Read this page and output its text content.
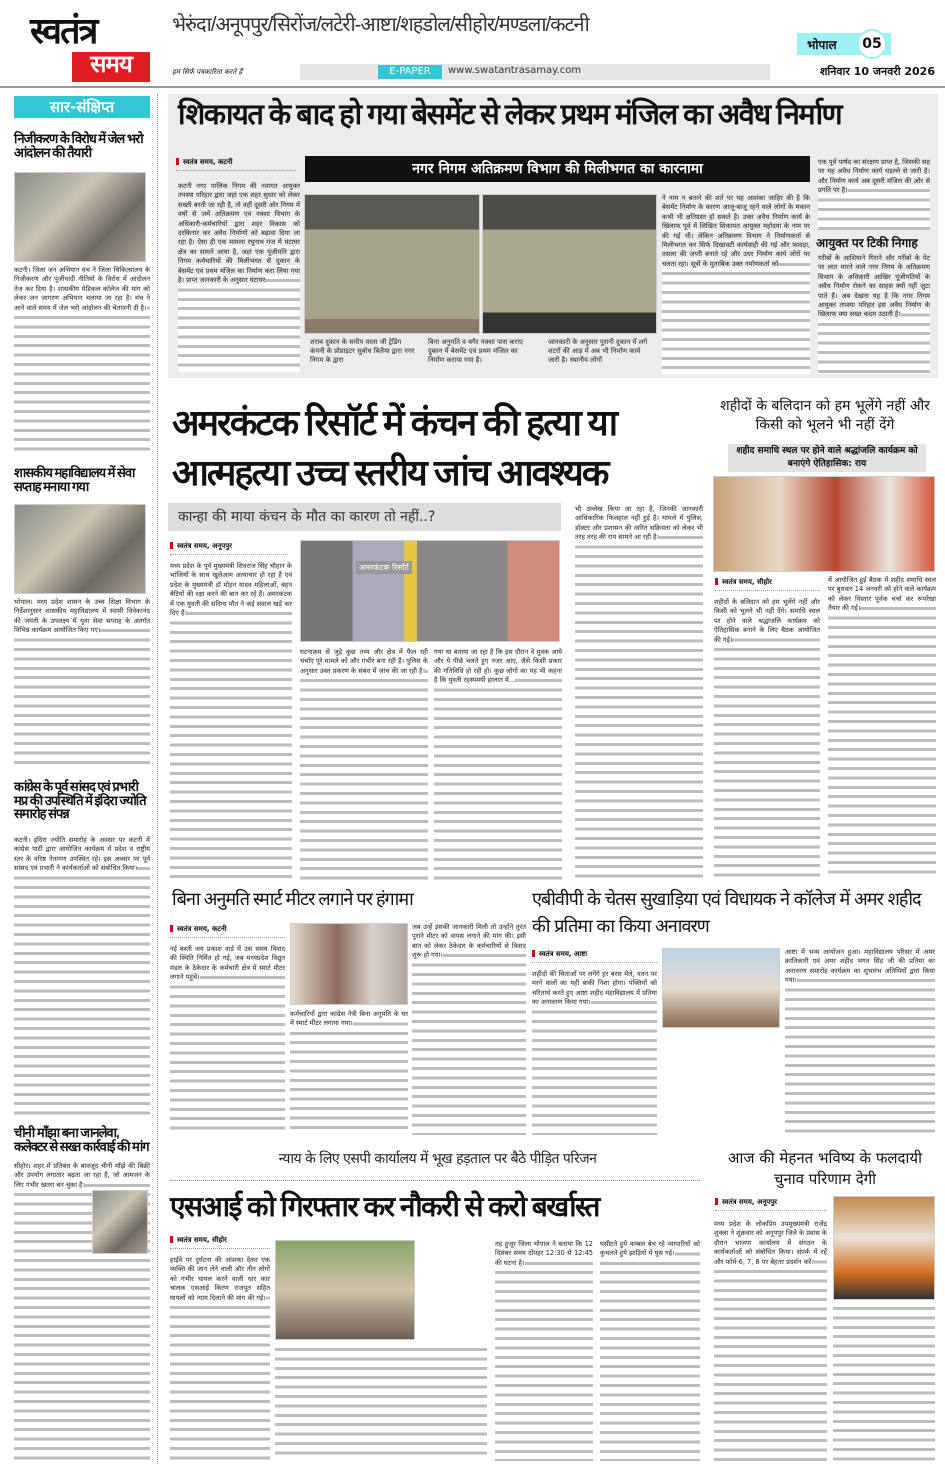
स्वतंत्र
समय
भेरुंदा/अनूपपुर/सिरोंज/लटेरी-आष्टा/शहडोल/सीहोर/मण्डला/कटनी
भोपाल	05
हम सिर्फ पत्रकारिता करते हैं	E-PAPER	www.swatantrasamay.com	शनिवार 10 जनवरी 2026
सार-संक्षिप्त
निजीकरण के विरोध में जेल भरो आंदोलन की तैयारी
कटनी। जिला जन अभियान मंच ने जिला चिकित्सालय के निजीकरण और पूंजीवादी नीतियों के विरोध में आंदोलन तेज कर दिया है। शासकीय मेडिकल कॉलेज की मांग को लेकर जन जागरण अभियान चलाया जा रहा है। मंच ने आने वाले समय में जेल भरो आंदोलन की चेतावनी दी है।
शासकीय महाविद्यालय में सेवा सप्ताह मनाया गया
भोपाल। मध्य प्रदेश शासन के उच्च शिक्षा विभाग के निर्देशानुसार शासकीय महाविद्यालय में स्वामी विवेकानंद की जयंती के उपलक्ष्य में युवा सेवा सप्ताह के अंतर्गत विभिन्न कार्यक्रम आयोजित किए गए।
कांग्रेस के पूर्व सांसद एवं प्रभारी मप्र की उपस्थिति में इंदिरा ज्योति समारोह संपन्न
कटनी। इंदिरा ज्योति समारोह के अवसर पर कटनी में कांग्रेस पार्टी द्वारा आयोजित कार्यक्रम में प्रदेश व राष्ट्रीय स्तर के वरिष्ठ नेतागण उपस्थित रहे। इस अवसर पर पूर्व सांसद एवं प्रभारी ने कार्यकर्ताओं को संबोधित किया।
चीनी मॉंझा बना जानलेवा, कलेक्टर से सख्त कार्रवाई की मांग
सीहोर। शहर में प्रतिबंध के बावजूद चीनी मॉंझे की बिक्री और उपयोग लगातार बढ़ता जा रहा है, जो आमजन के लिए गंभीर खतरा बन चुका है।
शिकायत के बाद हो गया बेसमेंट से लेकर प्रथम मंजिल का अवैध निर्माण
नगर निगम अतिक्रमण विभाग की मिलीभगत का कारनामा
स्वतंत्र समय, कटनी
कटनी नगर पालिक निगम की नवागत आयुक्त तपस्या परिहार द्वारा जहां एक शहर सुधार को लेकर सख्ती बरती जा रही है, तो वहीं दूसरी ओर निगम में वर्षों से जमें अतिक्रमण एवं नक्शा विभाग के अधिकारी-कर्मचारियों द्वारा शहर विकास को दरकिनार कर अवैध निर्माणों को बढ़ावा दिया जा रहा है। ऐसा ही एक मामला रघुनाथ गंज में घंटाघर क्षेत्र का सामने आया है, जहां एक पूंजीपति द्वारा निगम कर्मचारियों की मिलीभगत से दुकान के बेसमेंट एवं प्रथम मंजिल का निर्माण करा लिया गया है। प्राप्त जानकारी के अनुसार घंटाघर
शराब दुकान के समीप वाला जी ट्रेडिंग कंपनी के प्रोप्राइटर सुबोध बिलैया द्वारा नगर निगम के द्वारा
बिना अनुमति व बगैर नक्शा पास कराए दुकान में बेसमेंट एवं प्रथम मंजिल का निर्माण कराया गया है।
जानकारी के अनुसार पुरानी दुकान में लगे शटरों की आड़ में अब भी निर्माण कार्य जारी है। स्थानीय लोगों
ने नाम न बताने की शर्त पर यह आशंका जाहिर की है कि बेसमेंट निर्माण के कारण आजू-बाजू रहने वाले लोगों के मकान कभी भी क्षतिग्रस्त हो सकते है। उक्त अवैध निर्माण कार्य के खिलाफ पूर्व में लिखित शिकायत आयुक्त महोदया के नाम पर की गई थी। लेकिन अतिक्रमण विभाग ने निर्माणकर्ता से मिलीभगत कर सिर्फ दिखावटी कार्यवाही की गई और फावड़ा, तसला की जप्ती बनाते रहे और उधर निर्माण कार्य जोरों पर चलता रहा। सूत्रों के मुताबिक उक्त नर्माणकर्ता को
एक पूर्व पार्षद का संरक्षण प्राप्त है, जिसकी सह पर यह अवैध निर्माण कार्य धड़ल्ले से जारी है। और निर्माण कार्य अब दूसरी मंजिल की ओर से प्रगति पर है।
आयुक्त पर टिकी निगाह
गरीबों के आशियाने गिराने और गरीबों के पेट पर लात मारने वाले नगर निगम के अतिक्रमण विभाग के अधिकारी आखिर पूंजीपतियों के अवैध निर्माण रोकने का साहस क्यों नहीं जुटा पाते हैं। अब देखना यह है कि नगर निगम आयुक्त तपस्या परिहार इस अवैध निर्माण के खिलाफ क्या सख्त कदम उठाती है।
अमरकंटक रिसॉर्ट में कंचन की हत्या या आत्महत्या उच्च स्तरीय जांच आवश्यक
कान्हा की माया कंचन के मौत का कारण तो नहीं..?
स्वतंत्र समय, अनूपपुर
मध्य प्रदेश के पूर्व मुख्यमंत्री शिवराज सिंह चौहान के भांजियों के साथ खुलेआम अत्याचार हो रहा है एवं प्रदेश के मुख्यमंत्री डॉ मोहन यादव महिलाओं, बहन बेटियों की रक्षा करने की बात कर रहे हैं। अमरकंटक में एक युवती की संदिग्ध मौत ने कई सवाल खड़े कर दिए हैं।
अमरकंटक रिसॉर्ट
घटनाक्रम से जुड़े कुछ तथ्य और क्षेत्र में फैल रही चर्चाएं पूरे मामले को और गंभीर बना रही हैं। पुलिस के अनुसार उक्त प्रकरण के संबंध में जांच की जा रही है।
गया था बताया जा रहा है कि इस दौरान वे युवक आये और ये पीछे चलते हुए नजर आए, जैसे किसी प्रकार की गतिविधि हो रही हो। कुछ लोगों का यह भी कहना है कि युवती रहस्यमयी हालात में...
भी उल्लेख किया जा रहा है, जिनकी जानकारी आधिकारिक फिलहाल नहीं हुई है। मामले में पुलिस, डॉक्टर और प्रशासन की त्वरित सक्रियता को लेकर भी तरह तरह की राय सामने आ रही है।
शहीदों के बलिदान को हम भूलेंगे नहीं और किसी को भूलने भी नहीं देंगे
शहीद समाधि स्थल पर होने वाले श्रद्धांजलि कार्यक्रम को बनाएंगे ऐतिहासिक: राय
स्वतंत्र समय, सीहोर
शहीदों के बलिदान को हम भूलेंगे नहीं और किसी को भूलने भी नहीं देंगे। समाधि स्थल पर होने वाले श्रद्धांजलि कार्यक्रम को ऐतिहासिक बनाने के लिए बैठक आयोजित की गई।
में आयोजित हुई बैठक में शहीद समाधि स्थल पर बुधवार 14 जनवरी को होने वाले कार्यक्रम को लेकर विस्तार पूर्वक चर्चा कर रूपरेखा तैयार की गई।
बिना अनुमति स्मार्ट मीटर लगाने पर हंगामा
स्वतंत्र समय, कटनी
नई बस्ती जय प्रकाश वार्ड में उस समय विवाद की स्थिति निर्मित हो गई, जब मध्यप्रदेश विद्युत मंडल के ठेकेदार के कर्मचारी क्षेत्र में स्मार्ट मीटर लगाने पहुंचे।
कर्मचारियों द्वारा कांग्रेस नेत्री बिना अनुमति के घर में स्मार्ट मीटर लगाया गया।
जब उन्हें इसकी जानकारी मिली तो उन्होंने तुरंत पुराने मीटर को वापस लगाने की मांग की। इसी बात को लेकर ठेकेदार के कर्मचारियों से विवाद शुरू हो गया।
एबीवीपी के चेतस सुखाड़िया एवं विधायक ने कॉलेज में अमर शहीद की प्रतिमा का किया अनावरण
स्वतंत्र समय, आष्टा
शहीदों की चिताओं पर लगेंगे हर बरस मेले, वतन पर मरने वालों का यही बाकी निशा होगा। पंक्तियों को चरितार्थ करते हुए आष्टा शहीद महाविद्यालय में प्रतिमा का अनावरण किया गया।
आष्टा में भव्य आयोजन हुआ। महाविद्यालय परिसर में अमर क्रांतिकारी एवं अमर शहीद भगत सिंह जी की प्रतिमा का अनावरण समारोह कार्यक्रम का शुभारंभ अतिथियों द्वारा किया गया।
न्याय के लिए एसपी कार्यालय में भूख हड़ताल पर बैठे पीड़ित परिजन
एसआई को गिरफ्तार कर नौकरी से करो बर्खास्त
स्वतंत्र समय, सीहोर
हाईवे पर दुर्घटना की आंशका देकर एक व्यक्ति की जान लेने वाली और तीन लोगों को गंभीर घायल करने वाली धार कार चालक एसआई किरण राजपूत सहित घायलों को न्याय दिलाने की मांग की गई।
तह हुजूर जिला भोपाल ने बताया कि 12 दिसंबर समय दोपहर 12:30 से 12:45 की घटना है।
घसीटते हुये कम्बल बेच रहे व्यापारियों को कुचलते हुये झाड़ियों में घुस गई।
आज की मेहनत भविष्य के फलदायी चुनाव परिणाम देगी
स्वतंत्र समय, अनूपपुर
मध्य प्रदेश के लोकप्रिय उपमुख्यमंत्री राजेंद्र शुक्ला ने शुक्रवार को अनूपपुर जिले के प्रवास के दौरान भाजपा कार्यालय में संगठन के कार्यकर्ताओं को संबोधित किया। संपर्क में रहें और फॉर्म-6, 7, 8 पर बेहतर प्रदर्शन करें।
